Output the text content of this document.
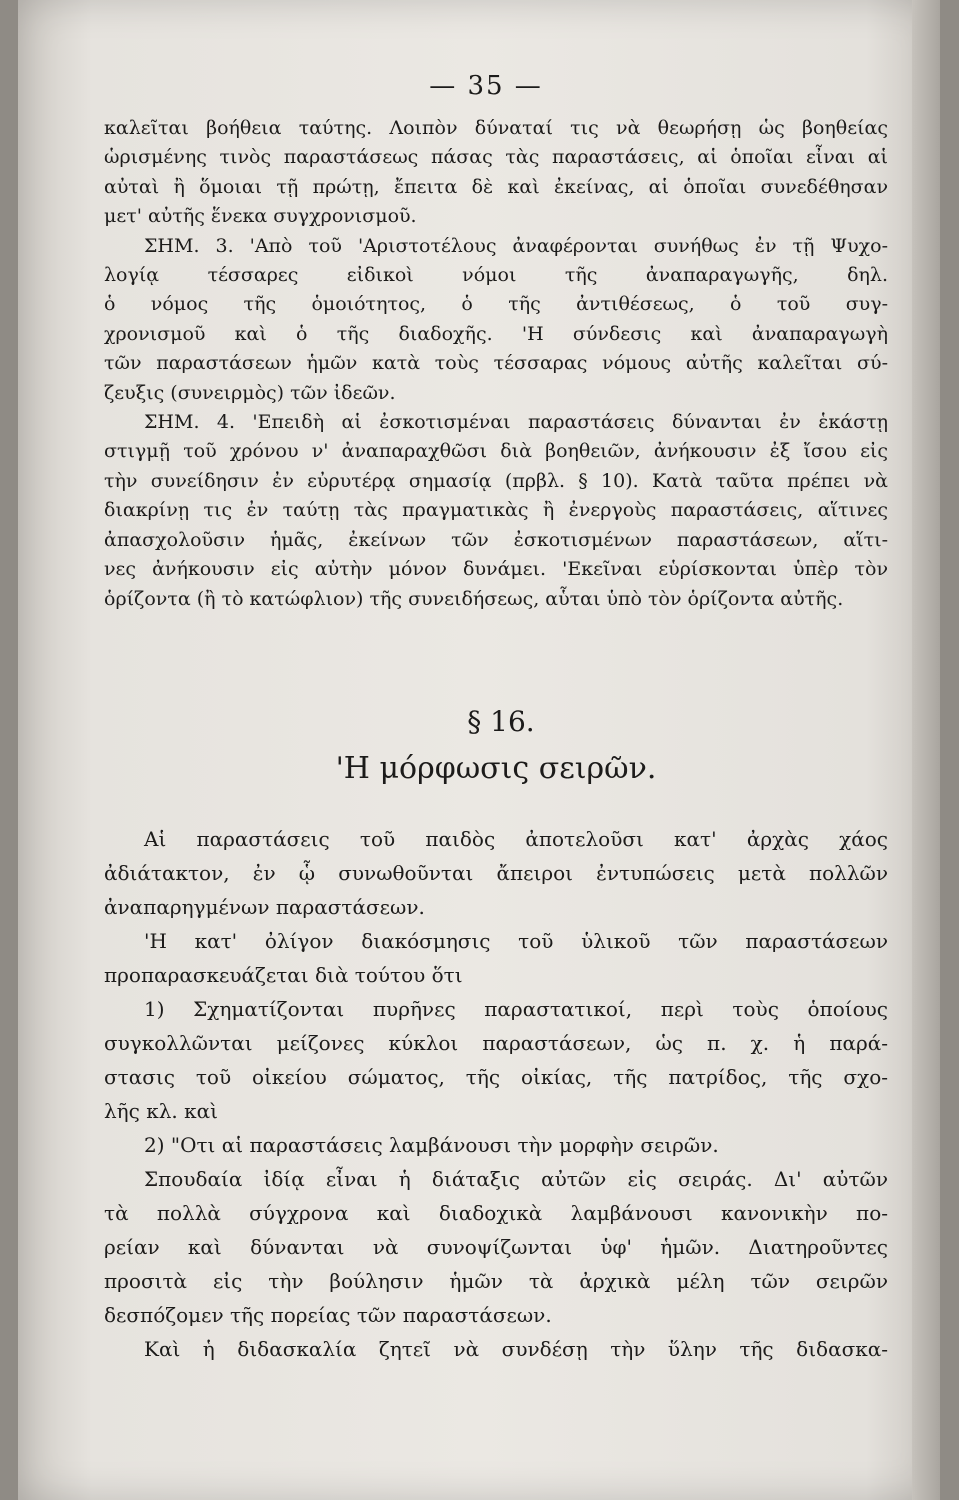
— 35 —

καλεῖται βοήθεια ταύτης. Λοιπὸν δύναταί τις νὰ θεωρήσῃ ὡς βοηθείας
ὡρισμένης τινὸς παραστάσεως πάσας τὰς παραστάσεις, αἱ ὁποῖαι εἶναι αἱ
αὐταὶ ἢ ὅμοιαι τῇ πρώτῃ, ἔπειτα δὲ καὶ ἐκείνας, αἱ ὁποῖαι συνεδέθησαν
μετ' αὐτῆς ἕνεκα συγχρονισμοῦ.

ΣΗΜ. 3. 'Απὸ τοῦ 'Αριστοτέλους ἀναφέρονται συνήθως ἐν τῇ Ψυχο-
λογίᾳ τέσσαρες εἰδικοὶ νόμοι τῆς ἀναπαραγωγῆς, δηλ.
ὁ νόμος τῆς ὁμοιότητος, ὁ τῆς ἀντιθέσεως, ὁ τοῦ συγ-
χρονισμοῦ καὶ ὁ τῆς διαδοχῆς. 'Η σύνδεσις καὶ ἀναπαραγωγὴ
τῶν παραστάσεων ἡμῶν κατὰ τοὺς τέσσαρας νόμους αὐτῆς καλεῖται σύ-
ζευξις (συνειρμὸς) τῶν ἰδεῶν.

ΣΗΜ. 4. 'Επειδὴ αἱ ἐσκοτισμέναι παραστάσεις δύνανται ἐν ἑκάστῃ
στιγμῇ τοῦ χρόνου ν' ἀναπαραχθῶσι διὰ βοηθειῶν, ἀνήκουσιν ἐξ ἴσου εἰς
τὴν συνείδησιν ἐν εὐρυτέρᾳ σημασίᾳ (πρβλ. § 10). Κατὰ ταῦτα πρέπει νὰ
διακρίνῃ τις ἐν ταύτῃ τὰς πραγματικὰς ἢ ἐνεργοὺς παραστάσεις, αἵτινες
ἀπασχολοῦσιν ἡμᾶς, ἐκείνων τῶν ἐσκοτισμένων παραστάσεων, αἵτι-
νες ἀνήκουσιν εἰς αὐτὴν μόνον δυνάμει. 'Εκεῖναι εὑρίσκονται ὑπὲρ τὸν
ὁρίζοντα (ἢ τὸ κατώφλιον) τῆς συνειδήσεως, αὗται ὑπὸ τὸν ὁρίζοντα αὐτῆς.

§ 16.
'Η μόρφωσις σειρῶν.

Αἱ παραστάσεις τοῦ παιδὸς ἀποτελοῦσι κατ' ἀρχὰς χάος
ἀδιάτακτον, ἐν ᾧ συνωθοῦνται ἄπειροι ἐντυπώσεις μετὰ πολλῶν
ἀναπαρηγμένων παραστάσεων.

'Η κατ' ὀλίγον διακόσμησις τοῦ ὑλικοῦ τῶν παραστάσεων
προπαρασκευάζεται διὰ τούτου ὅτι

1) Σχηματίζονται πυρῆνες παραστατικοί, περὶ τοὺς ὁποίους
συγκολλῶνται μείζονες κύκλοι παραστάσεων, ὡς π. χ. ἡ παρά-
στασις τοῦ οἰκείου σώματος, τῆς οἰκίας, τῆς πατρίδος, τῆς σχο-
λῆς κλ. καὶ

2) "Οτι αἱ παραστάσεις λαμβάνουσι τὴν μορφὴν σειρῶν.

Σπουδαία ἰδίᾳ εἶναι ἡ διάταξις αὐτῶν εἰς σειράς. Δι' αὐτῶν
τὰ πολλὰ σύγχρονα καὶ διαδοχικὰ λαμβάνουσι κανονικὴν πο-
ρείαν καὶ δύνανται νὰ συνοψίζωνται ὑφ' ἡμῶν. Διατηροῦντες
προσιτὰ εἰς τὴν βούλησιν ἡμῶν τὰ ἀρχικὰ μέλη τῶν σειρῶν
δεσπόζομεν τῆς πορείας τῶν παραστάσεων.

Καὶ ἡ διδασκαλία ζητεῖ νὰ συνδέσῃ τὴν ὕλην τῆς διδασκα-
